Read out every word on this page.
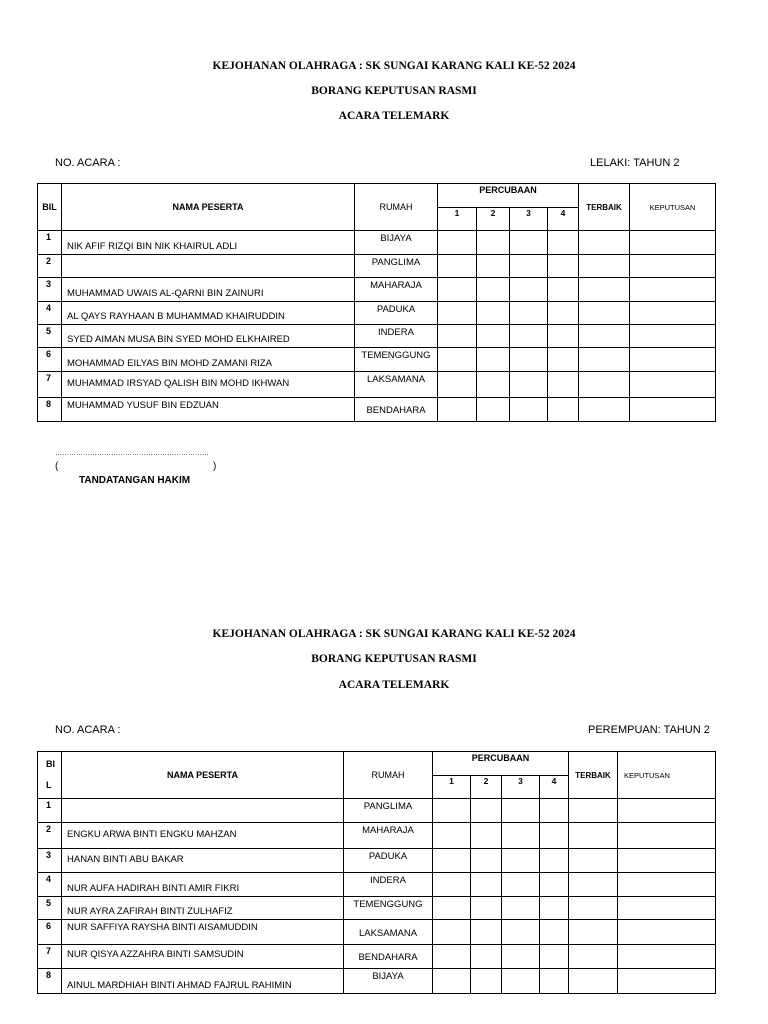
KEJOHANAN OLAHRAGA : SK SUNGAI KARANG KALI KE-52 2024
BORANG KEPUTUSAN RASMI
ACARA TELEMARK
NO. ACARA :	LELAKI: TAHUN 2
BIL	NAMA PESERTA	RUMAH	PERCUBAAN				TERBAIK	KEPUTUSAN
			1	2	3	4		
1	NIK AFIF RIZQI BIN NIK KHAIRUL ADLI	BIJAYA						
2		PANGLIMA						
3	MUHAMMAD UWAIS AL-QARNI BIN ZAINURI	MAHARAJA						
4	AL QAYS RAYHAAN B MUHAMMAD KHAIRUDDIN	PADUKA						
5	SYED AIMAN MUSA BIN SYED MOHD ELKHAIRED	INDERA						
6	MOHAMMAD EILYAS BIN MOHD ZAMANI RIZA	TEMENGGUNG						
7	MUHAMMAD IRSYAD QALISH BIN MOHD IKHWAN	LAKSAMANA						
8	MUHAMMAD YUSUF BIN EDZUAN	BENDAHARA						
…………………………………………………………
(	)
TANDATANGAN HAKIM
KEJOHANAN OLAHRAGA : SK SUNGAI KARANG KALI KE-52 2024
BORANG KEPUTUSAN RASMI
ACARA TELEMARK
NO. ACARA :	PEREMPUAN: TAHUN 2
BI
L	NAMA PESERTA	RUMAH	PERCUBAAN				TERBAIK	KEPUTUSAN
			1	2	3	4		
1		PANGLIMA						
2	ENGKU ARWA BINTI ENGKU MAHZAN	MAHARAJA						
3	HANAN BINTI ABU BAKAR	PADUKA						
4	NUR AUFA HADIRAH BINTI AMIR FIKRI	INDERA						
5	NUR AYRA ZAFIRAH BINTI ZULHAFIZ	TEMENGGUNG						
6	NUR SAFFIYA RAYSHA BINTI AISAMUDDIN	LAKSAMANA						
7	NUR QISYA AZZAHRA BINTI SAMSUDIN	BENDAHARA						
8	AINUL MARDHIAH BINTI AHMAD FAJRUL RAHIMIN	BIJAYA						
